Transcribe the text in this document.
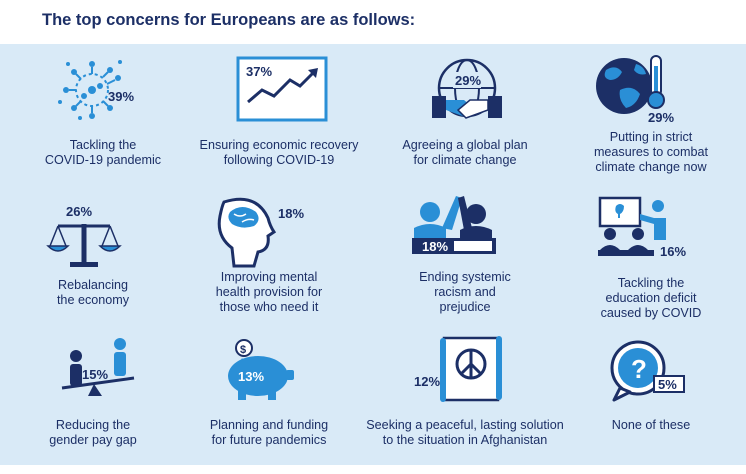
The top concerns for Europeans are as follows:
39%
Tackling the
COVID-19 pandemic
37%
Ensuring economic recovery
following COVID-19
29%
Agreeing a global plan
for climate change
29%
Putting in strict
measures to combat
climate change now
26%
Rebalancing
the economy
18%
Improving mental
health provision for
those who need it
18%
Ending systemic
racism and
prejudice
16%
Tackling the
education deficit
caused by COVID
15%
Reducing the
gender pay gap
$
13%
Planning and funding
for future pandemics
12%
Seeking a peaceful, lasting solution
to the situation in Afghanistan
?
5%
None of these
